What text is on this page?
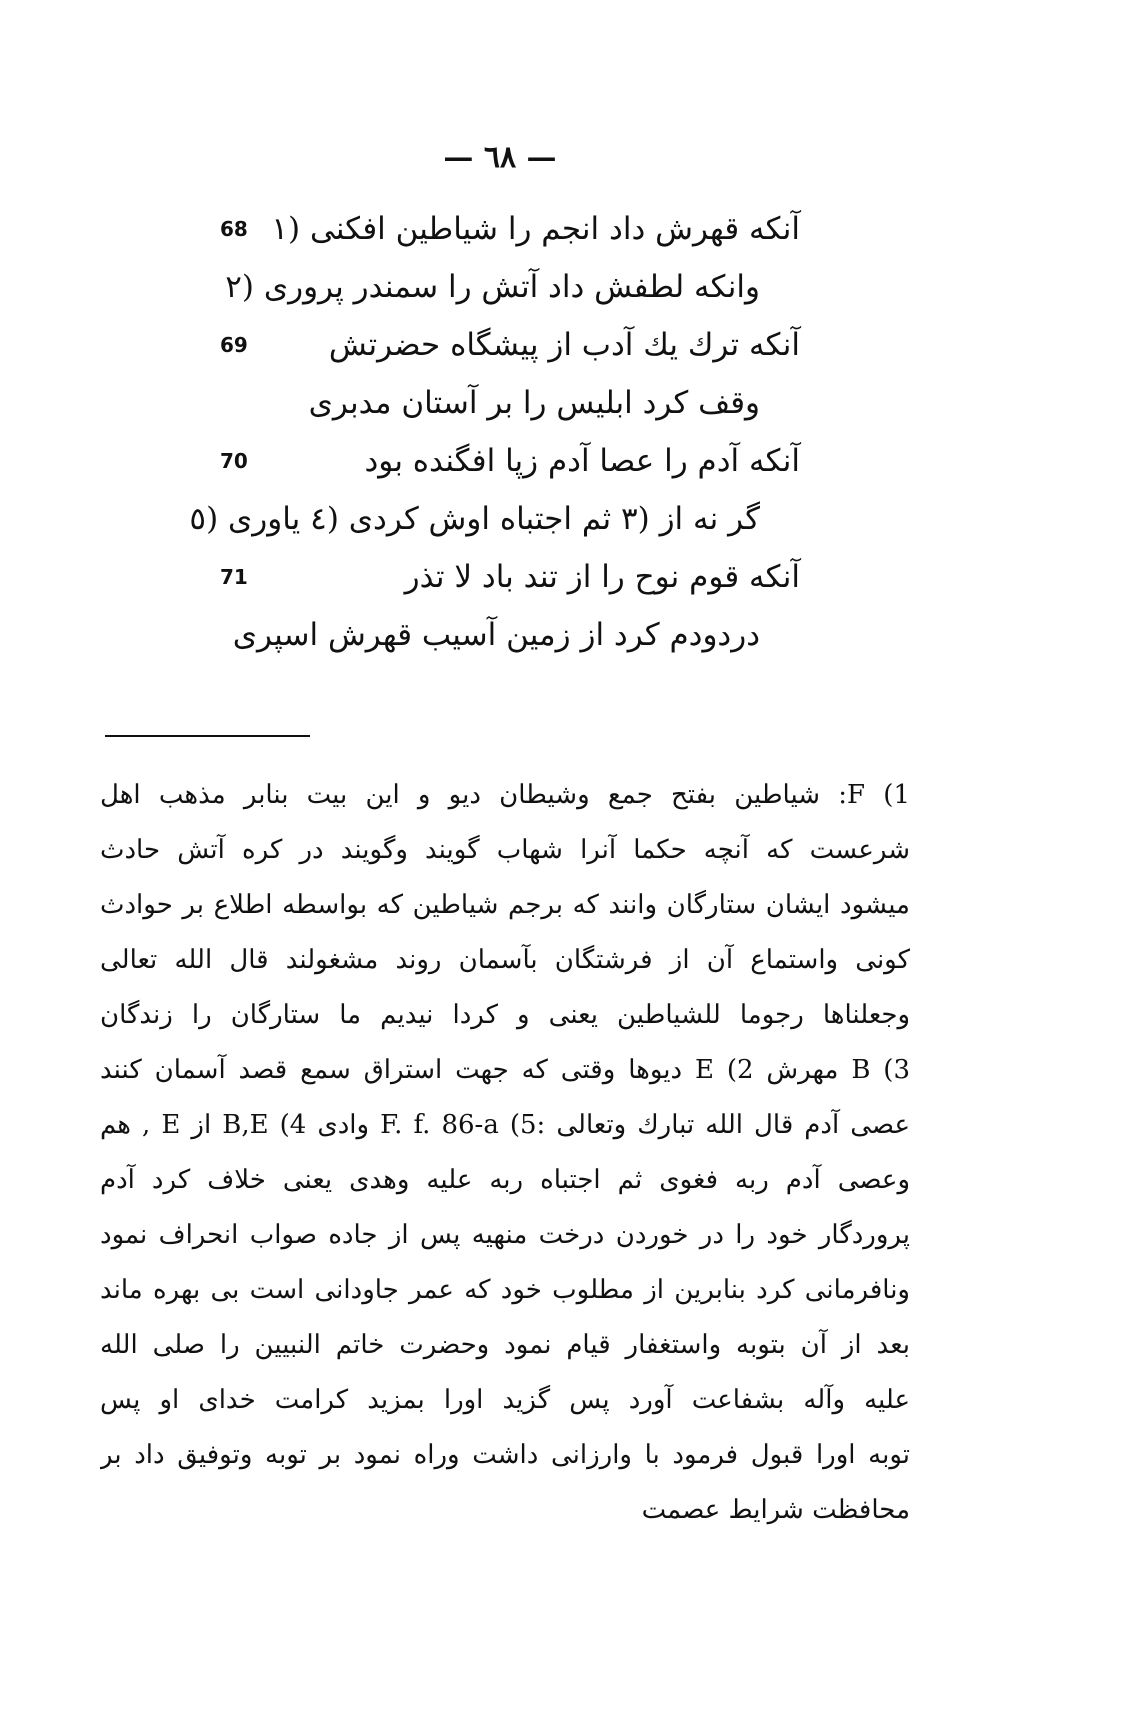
— ٦٨ —
68 آنکه قهرش داد انجم را شیاطین افکنی (١
وانکه لطفش داد آتش را سمندر پروری (٢
69	آنکه ترك یك آدب از پیشگاه حضرتش
وقف کرد ابلیس را بر آستان مدبری
70	آنکه آدم را عصا آدم زپا افگنده بود
گر نه از (٣ ثم اجتباه اوش کردی (٤ یاوری (٥
71	آنکه قوم نوح را از تند باد لا تذر
دردودم کرد از زمین آسیب قهرش اسپری
1) F: شیاطین بفتح جمع وشیطان دیو و این بیت بنابر مذهب اهل
شرعست که آنچه حکما آنرا شهاب گویند وگویند در کره آتش حادث
میشود ایشان ستارگان وانند که برجم شیاطین که بواسطه اطلاع بر حوادث
کونی واستماع آن از فرشتگان بآسمان روند مشغولند قال الله تعالی
وجعلناها رجوما للشیاطین یعنی و کردا نیدیم ما ستارگان را زندگان
B (3 مهرش E (2 دیوها وقتی که جهت استراق سمع قصد آسمان کنند
عصی آدم قال الله تبارك وتعالی :F. f. 86-a (5 وادی B,E (4 از E , هم
وعصی آدم ربه فغوی ثم اجتباه ربه علیه وهدی یعنی خلاف کرد آدم
پروردگار خود را در خوردن درخت منهیه پس از جاده صواب انحراف نمود
ونافرمانی کرد بنابرین از مطلوب خود که عمر جاودانی است بی بهره ماند
بعد از آن بتوبه واستغفار قیام نمود وحضرت خاتم النبیین را صلی الله
علیه وآله بشفاعت آورد پس گزید اورا بمزید کرامت خدای او پس
توبه اورا قبول فرمود با وارزانی داشت وراه نمود بر توبه وتوفیق داد بر
محافظت شرایط عصمت
